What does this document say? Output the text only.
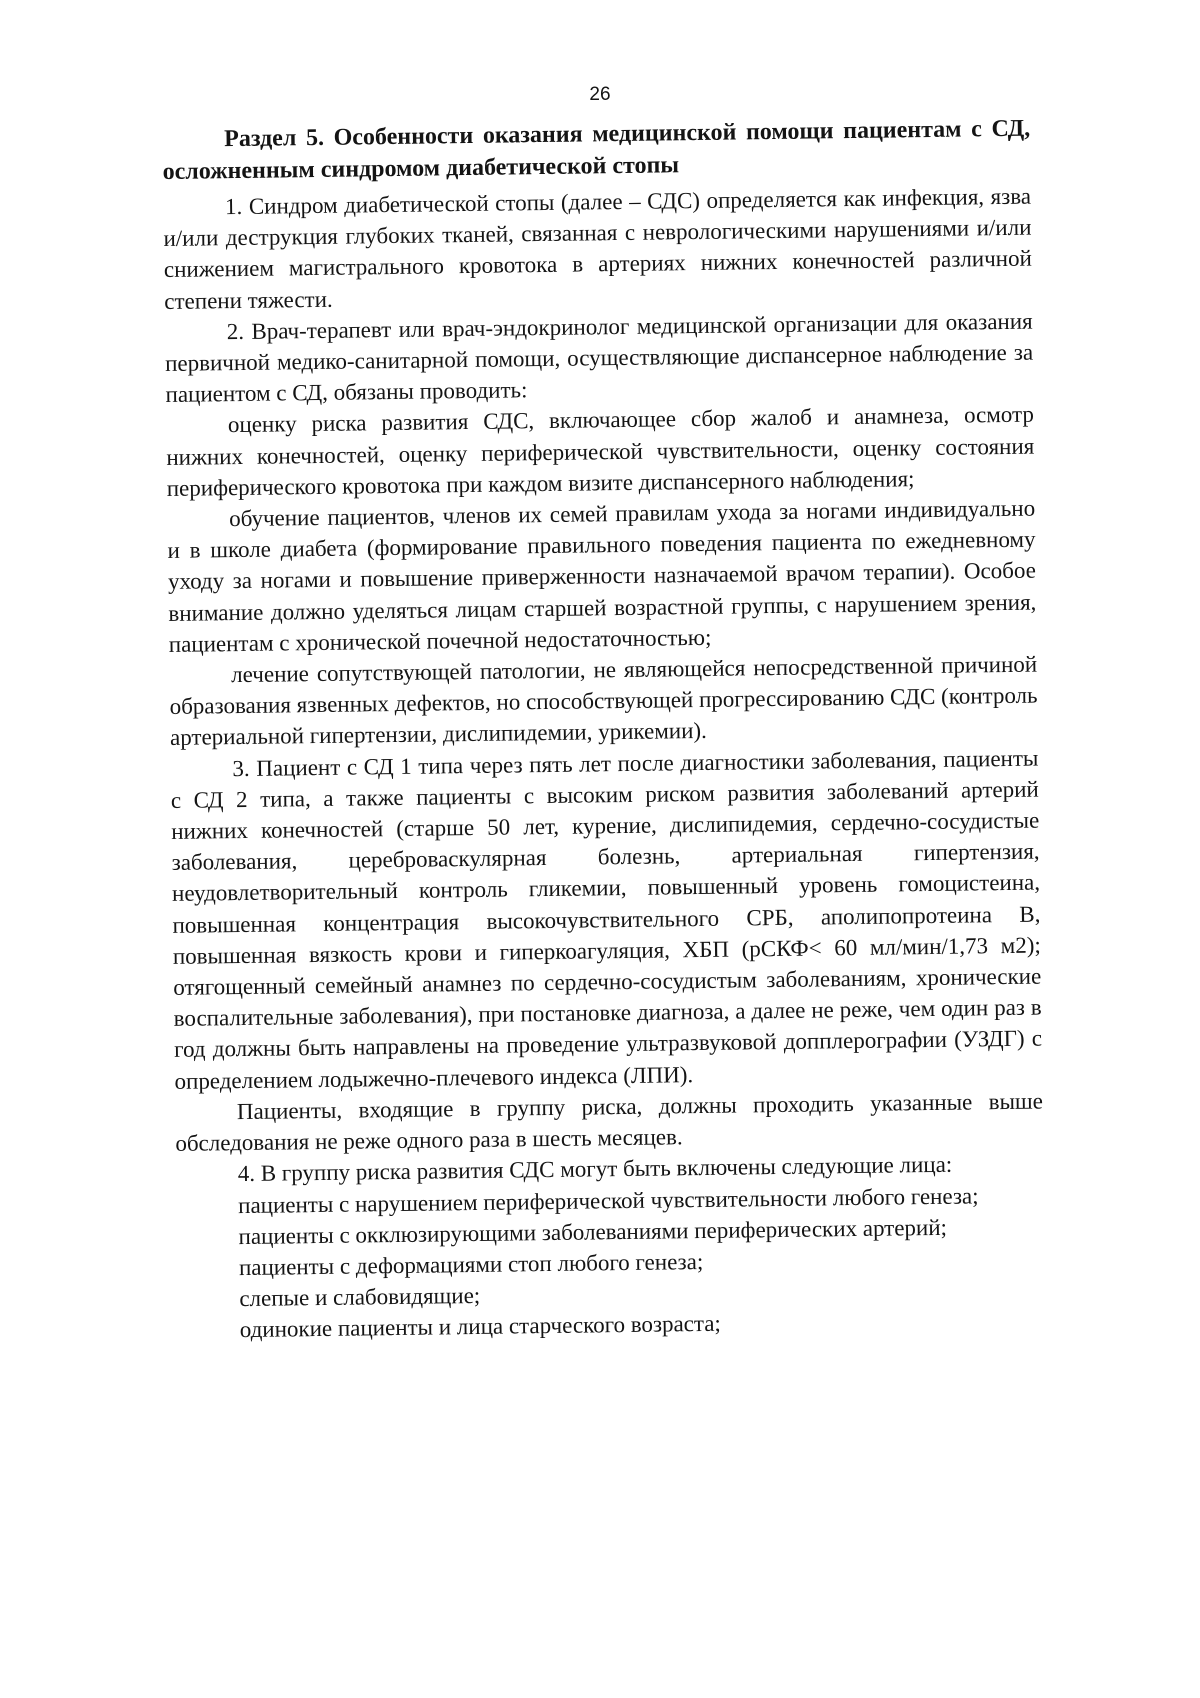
26
Раздел 5. Особенности оказания медицинской помощи пациентам с СД, осложненным синдромом диабетической стопы

1. Синдром диабетической стопы (далее – СДС) определяется как инфекция, язва и/или деструкция глубоких тканей, связанная с неврологическими нарушениями и/или снижением магистрального кровотока в артериях нижних конечностей различной степени тяжести.

2. Врач-терапевт или врач-эндокринолог медицинской организации для оказания первичной медико-санитарной помощи, осуществляющие диспансерное наблюдение за пациентом с СД, обязаны проводить:

оценку риска развития СДС, включающее сбор жалоб и анамнеза, осмотр нижних конечностей, оценку периферической чувствительности, оценку состояния периферического кровотока при каждом визите диспансерного наблюдения;

обучение пациентов, членов их семей правилам ухода за ногами индивидуально и в школе диабета (формирование правильного поведения пациента по ежедневному уходу за ногами и повышение приверженности назначаемой врачом терапии). Особое внимание должно уделяться лицам старшей возрастной группы, с нарушением зрения, пациентам с хронической почечной недостаточностью;

лечение сопутствующей патологии, не являющейся непосредственной причиной образования язвенных дефектов, но способствующей прогрессированию СДС (контроль артериальной гипертензии, дислипидемии, урикемии).

3. Пациент с СД 1 типа через пять лет после диагностики заболевания, пациенты с СД 2 типа, а также пациенты с высоким риском развития заболеваний артерий нижних конечностей (старше 50 лет, курение, дислипидемия, сердечно-сосудистые заболевания, цереброваскулярная болезнь, артериальная гипертензия, неудовлетворительный контроль гликемии, повышенный уровень гомоцистеина, повышенная концентрация высокочувствительного СРБ, аполипопротеина В, повышенная вязкость крови и гиперкоагуляция, ХБП (рСКФ< 60 мл/мин/1,73 м2); отягощенный семейный анамнез по сердечно-сосудистым заболеваниям, хронические воспалительные заболевания), при постановке диагноза, а далее не реже, чем один раз в год должны быть направлены на проведение ультразвуковой допплерографии (УЗДГ) с определением лодыжечно-плечевого индекса (ЛПИ).

Пациенты, входящие в группу риска, должны проходить указанные выше обследования не реже одного раза в шесть месяцев.

4. В группу риска развития СДС могут быть включены следующие лица:

пациенты с нарушением периферической чувствительности любого генеза;

пациенты с окклюзирующими заболеваниями периферических артерий;

пациенты с деформациями стоп любого генеза;

слепые и слабовидящие;

одинокие пациенты и лица старческого возраста;
